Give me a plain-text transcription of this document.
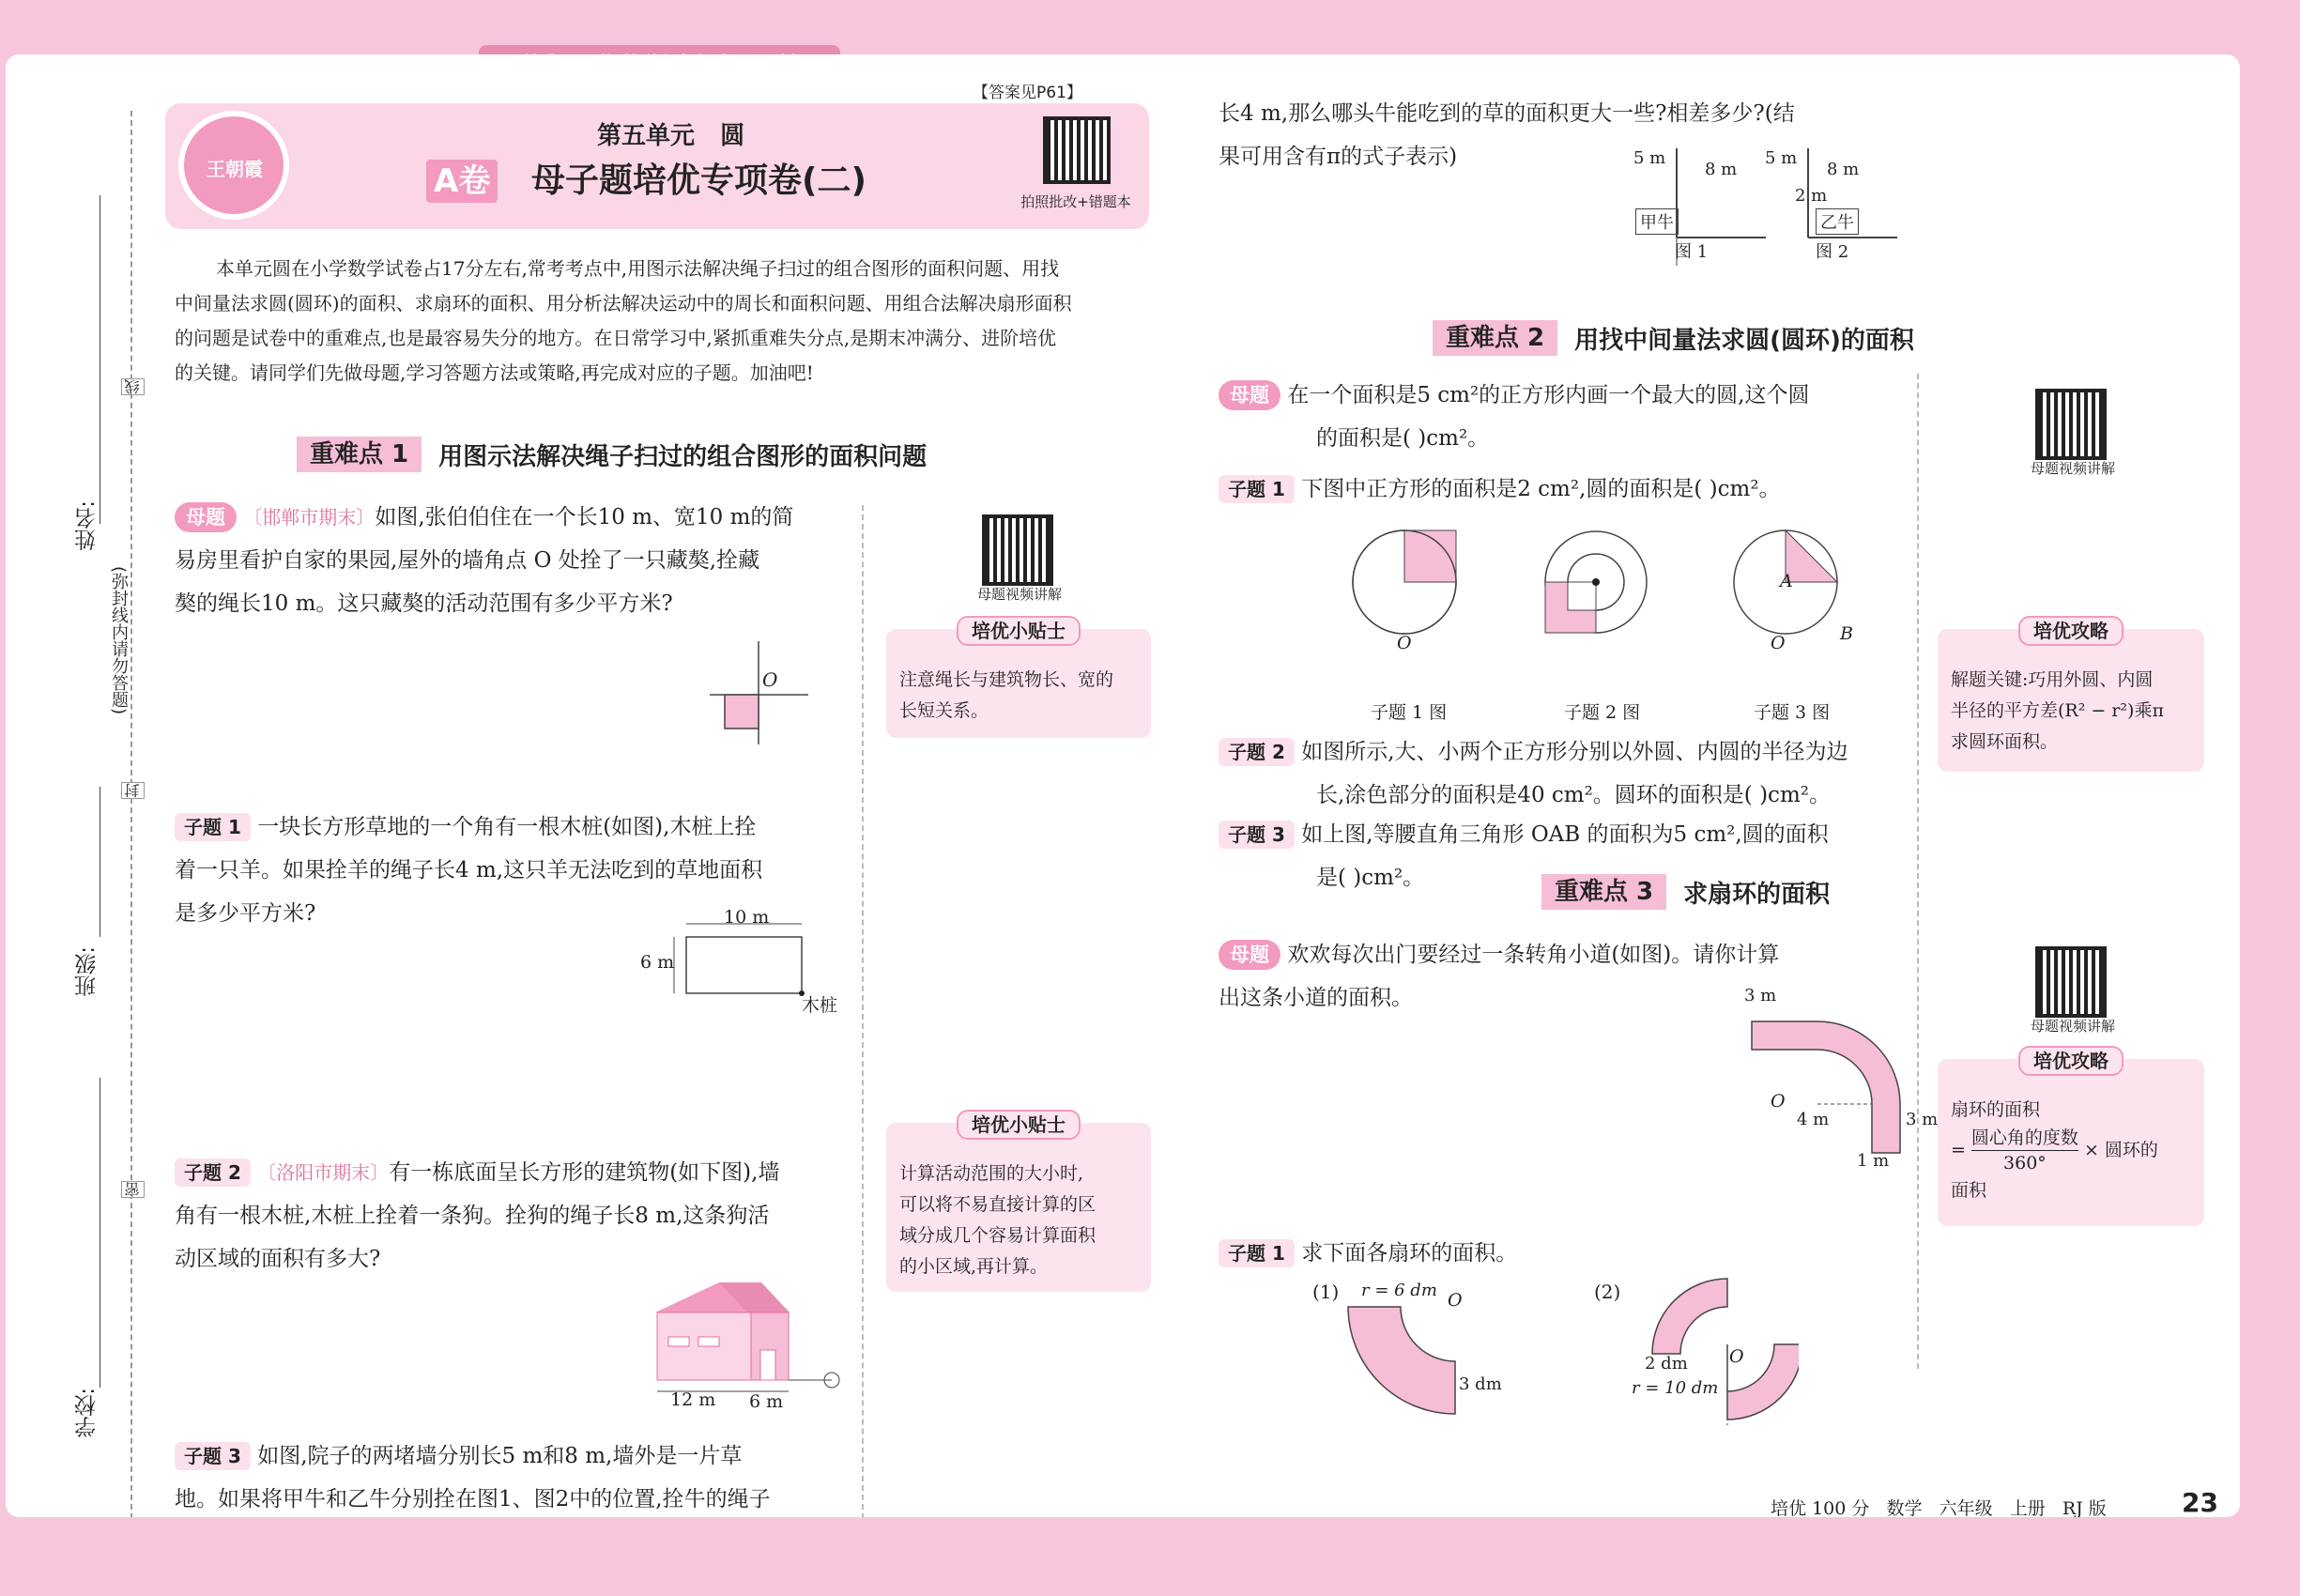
姓名:
班级:
学校:
线
封
密
(弥封线内请勿答题)
【答案见P61】
王朝霞
第五单元   圆
A卷 母子题培优专项卷(二)
拍照批改+错题本
本单元圆在小学数学试卷占17分左右,常考考点中,用图示法解决绳子扫过的组合图形的面积问题、用找
中间量法求圆(圆环)的面积、求扇环的面积、用分析法解决运动中的周长和面积问题、用组合法解决扇形面积
的问题是试卷中的重难点,也是最容易失分的地方。在日常学习中,紧抓重难失分点,是期末冲满分、进阶培优
的关键。请同学们先做母题,学习答题方法或策略,再完成对应的子题。加油吧!
重难点 1	用图示法解决绳子扫过的组合图形的面积问题
母题 〔邯郸市期末〕如图,张伯伯住在一个长10 m、宽10 m的简
易房里看护自家的果园,屋外的墙角点 O 处拴了一只藏獒,拴藏
獒的绳长10 m。这只藏獒的活动范围有多少平方米?
O
母题视频讲解
培优小贴士
注意绳长与建筑物长、宽的
长短关系。
子题 1 一块长方形草地的一个角有一根木桩(如图),木桩上拴
着一只羊。如果拴羊的绳子长4 m,这只羊无法吃到的草地面积
是多少平方米?	10 m
6 m
木桩
培优小贴士
计算活动范围的大小时,
可以将不易直接计算的区
域分成几个容易计算面积
的小区域,再计算。
子题 2 〔洛阳市期末〕有一栋底面呈长方形的建筑物(如下图),墙
角有一根木桩,木桩上拴着一条狗。拴狗的绳子长8 m,这条狗活
动区域的面积有多大?
12 m 6 m
子题 3 如图,院子的两堵墙分别长5 m和8 m,墙外是一片草
地。如果将甲牛和乙牛分别拴在图1、图2中的位置,拴牛的绳子
长4 m,那么哪头牛能吃到的草的面积更大一些?相差多少?(结
果可用含有π的式子表示)	5 m
8 m
甲牛
图 1
5 m
8 m
2 m
乙牛
图 2
重难点 2	用找中间量法求圆(圆环)的面积
母题 在一个面积是5 cm²的正方形内画一个最大的圆,这个圆
的面积是( )cm²。
母题视频讲解
子题 1 下图中正方形的面积是2 cm²,圆的面积是( )cm²。
O	O
A
B
子题 1 图	子题 2 图	子题 3 图
子题 2 如图所示,大、小两个正方形分别以外圆、内圆的半径为边
长,涂色部分的面积是40 cm²。圆环的面积是( )cm²。
子题 3 如上图,等腰直角三角形 OAB 的面积为5 cm²,圆的面积
是( )cm²。
培优攻略
解题关键:巧用外圆、内圆
半径的平方差(R² − r²)乘π
求圆环面积。
重难点 3	求扇环的面积
母题 欢欢每次出门要经过一条转角小道(如图)。请你计算
出这条小道的面积。
母题视频讲解
3 m
O
4 m	3 m
1 m
培优攻略
扇环的面积
=
圆心角的度数
360°
× 圆环的
面积
子题 1 求下面各扇环的面积。
(1) r = 6 dm O
3 dm
(2)
O
2 dm
r = 10 dm
培优 100 分   数学   六年级   上册   RJ 版	23
